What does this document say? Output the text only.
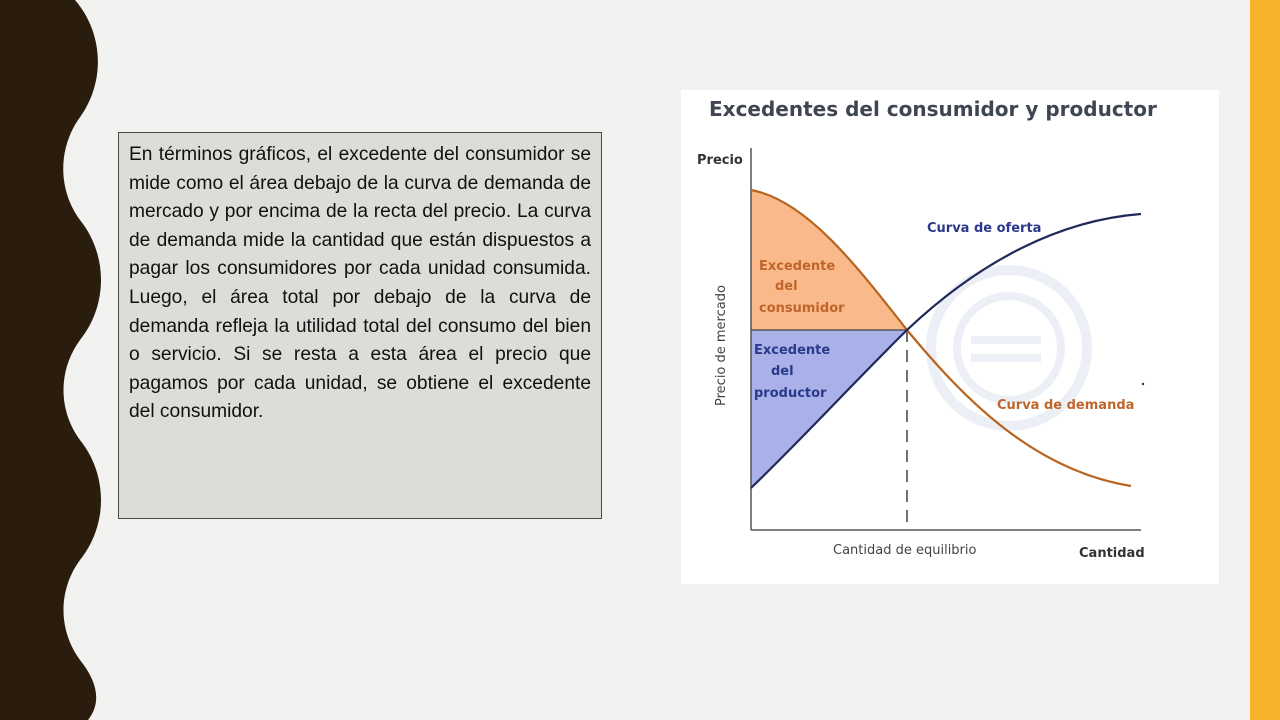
En términos gráficos, el excedente del consumidor se mide como el área debajo de la curva de demanda de mercado y por encima de la recta del precio. La curva de demanda mide la cantidad que están dispuestos a pagar los consumidores por cada unidad consumida. Luego, el área total por debajo de la curva de demanda refleja la utilidad total del consumo del bien o servicio. Si se resta a esta área el precio que pagamos por cada unidad, se obtiene el excedente del consumidor.

Excedentes del consumidor y productor
Precio
Precio de mercado
Cantidad
Cantidad de equilibrio
Curva de oferta
Curva de demanda
Excedente
del
consumidor
Excedente
del
productor
